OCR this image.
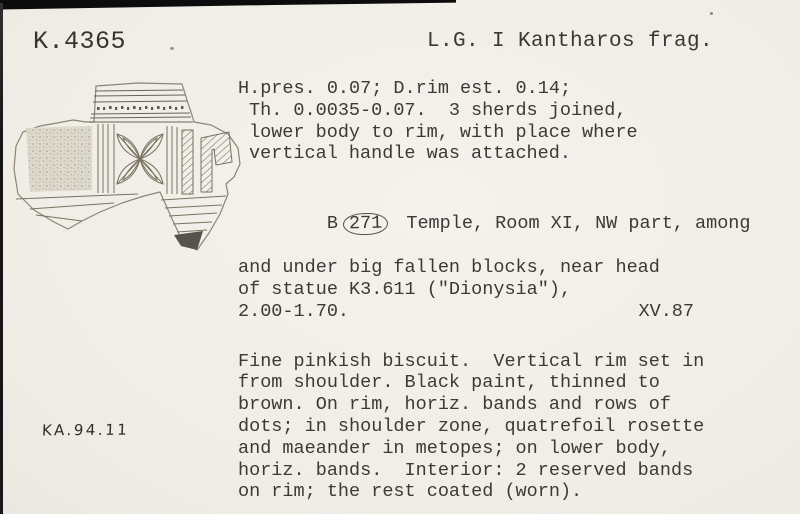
K.4365	L.G. I Kantharos frag.
KA.94.11
H.pres. 0.07; D.rim est. 0.14;
Th. 0.0035-0.07.  3 sherds joined,
lower body to rim, with place where
vertical handle was attached.

B 271 Temple, Room XI, NW part, among

and under big fallen blocks, near head
of statue K3.611 ("Dionysia"),
2.00-1.70.	XV.87
Fine pinkish biscuit.  Vertical rim set in
from shoulder. Black paint, thinned to
brown. On rim, horiz. bands and rows of
dots; in shoulder zone, quatrefoil rosette
and maeander in metopes; on lower body,
horiz. bands.  Interior: 2 reserved bands
on rim; the rest coated (worn).
